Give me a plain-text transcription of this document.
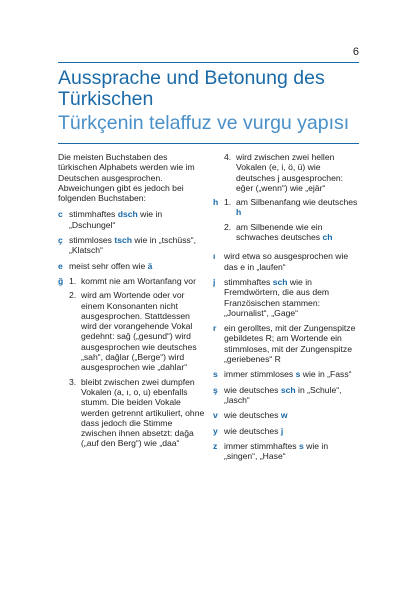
6
Aussprache und Betonung des Türkischen
Türkçenin telaffuz ve vurgu yapısı

Die meisten Buchstaben des türkischen Alphabets werden wie im Deutschen ausgesprochen. Abweichungen gibt es jedoch bei folgenden Buchstaben:

c stimmhaftes dsch wie in „Dschungel“
ç stimmloses tsch wie in „tschüss“, „Klatsch“
e meist sehr offen wie ä
ğ 1. kommt nie am Wortanfang vor
2. wird am Wortende oder vor einem Konsonanten nicht ausgesprochen. Stattdessen wird der vorangehende Vokal gedehnt: sağ („gesund“) wird ausgesprochen wie deutsches „sah“, dağlar („Berge“) wird ausgesprochen wie „dahlar“
3. bleibt zwischen zwei dumpfen Vokalen (a, ı, o, u) ebenfalls stumm. Die beiden Vokale werden getrennt artikuliert, ohne dass jedoch die Stimme zwischen ihnen absetzt: dağa („auf den Berg“) wie „daa“
4. wird zwischen zwei hellen Vokalen (e, i, ö, ü) wie deutsches j ausgesprochen: eğer („wenn“) wie „ejär“
h 1. am Silbenanfang wie deutsches h
2. am Silbenende wie ein schwaches deutsches ch
ı	wird etwa so ausgesprochen wie das e in „laufen“
j	stimmhaftes sch wie in Fremdwörtern, die aus dem Französischen stammen: „Journalist“, „Gage“
r ein gerolltes, mit der Zungenspitze gebildetes R; am Wortende ein stimmloses, mit der Zungenspitze „geriebenes“ R
s immer stimmloses s wie in „Fass“
ş wie deutsches sch in „Schule“, „lasch“
v wie deutsches w
y wie deutsches j
z immer stimmhaftes s wie in „singen“, „Hase“
